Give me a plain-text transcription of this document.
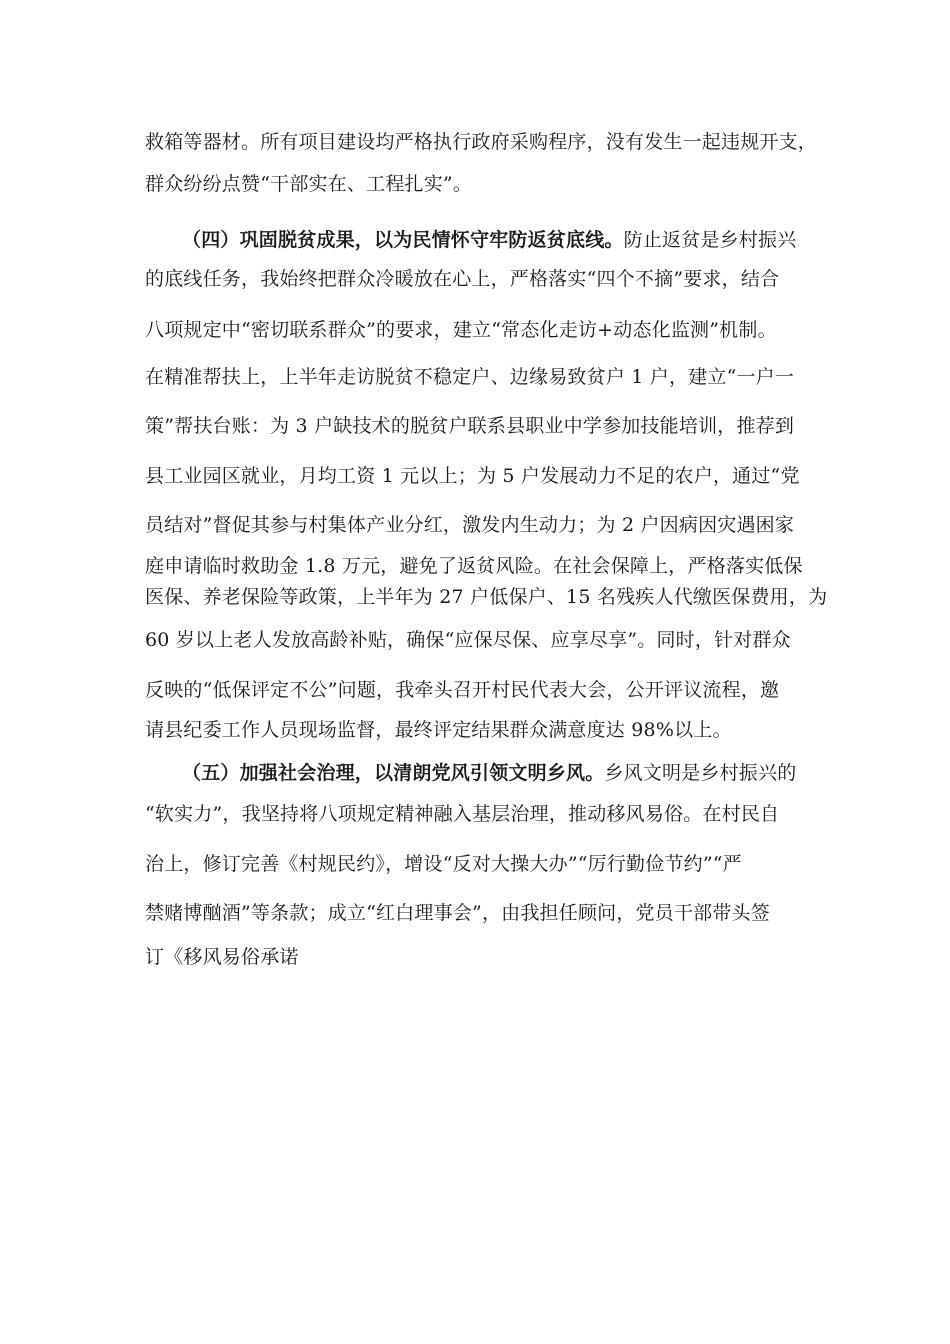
救箱等器材。所有项目建设均严格执行政府采购程序，没有发生一起违规开支，
群众纷纷点赞“干部实在、工程扎实”。
（四）巩固脱贫成果，以为民情怀守牢防返贫底线。防止返贫是乡村振兴
的底线任务，我始终把群众冷暖放在心上，严格落实“四个不摘”要求，结合
八项规定中“密切联系群众”的要求，建立“常态化走访+动态化监测”机制。
在精准帮扶上，上半年走访脱贫不稳定户、边缘易致贫户 1 户，建立“一户一
策”帮扶台账：为 3 户缺技术的脱贫户联系县职业中学参加技能培训，推荐到
县工业园区就业，月均工资 1 元以上；为 5 户发展动力不足的农户，通过“党
员结对”督促其参与村集体产业分红，激发内生动力；为 2 户因病因灾遇困家
庭申请临时救助金 1.8 万元，避免了返贫风险。在社会保障上，严格落实低保
医保、养老保险等政策，上半年为 27 户低保户、15 名残疾人代缴医保费用，为
60 岁以上老人发放高龄补贴，确保“应保尽保、应享尽享”。同时，针对群众
反映的“低保评定不公”问题，我牵头召开村民代表大会，公开评议流程，邀
请县纪委工作人员现场监督，最终评定结果群众满意度达 98%以上。
（五）加强社会治理，以清朗党风引领文明乡风。乡风文明是乡村振兴的
“软实力”，我坚持将八项规定精神融入基层治理，推动移风易俗。在村民自
治上，修订完善《村规民约》，增设“反对大操大办”“厉行勤俭节约”“严
禁赌博酗酒”等条款；成立“红白理事会”，由我担任顾问，党员干部带头签
订《移风易俗承诺
